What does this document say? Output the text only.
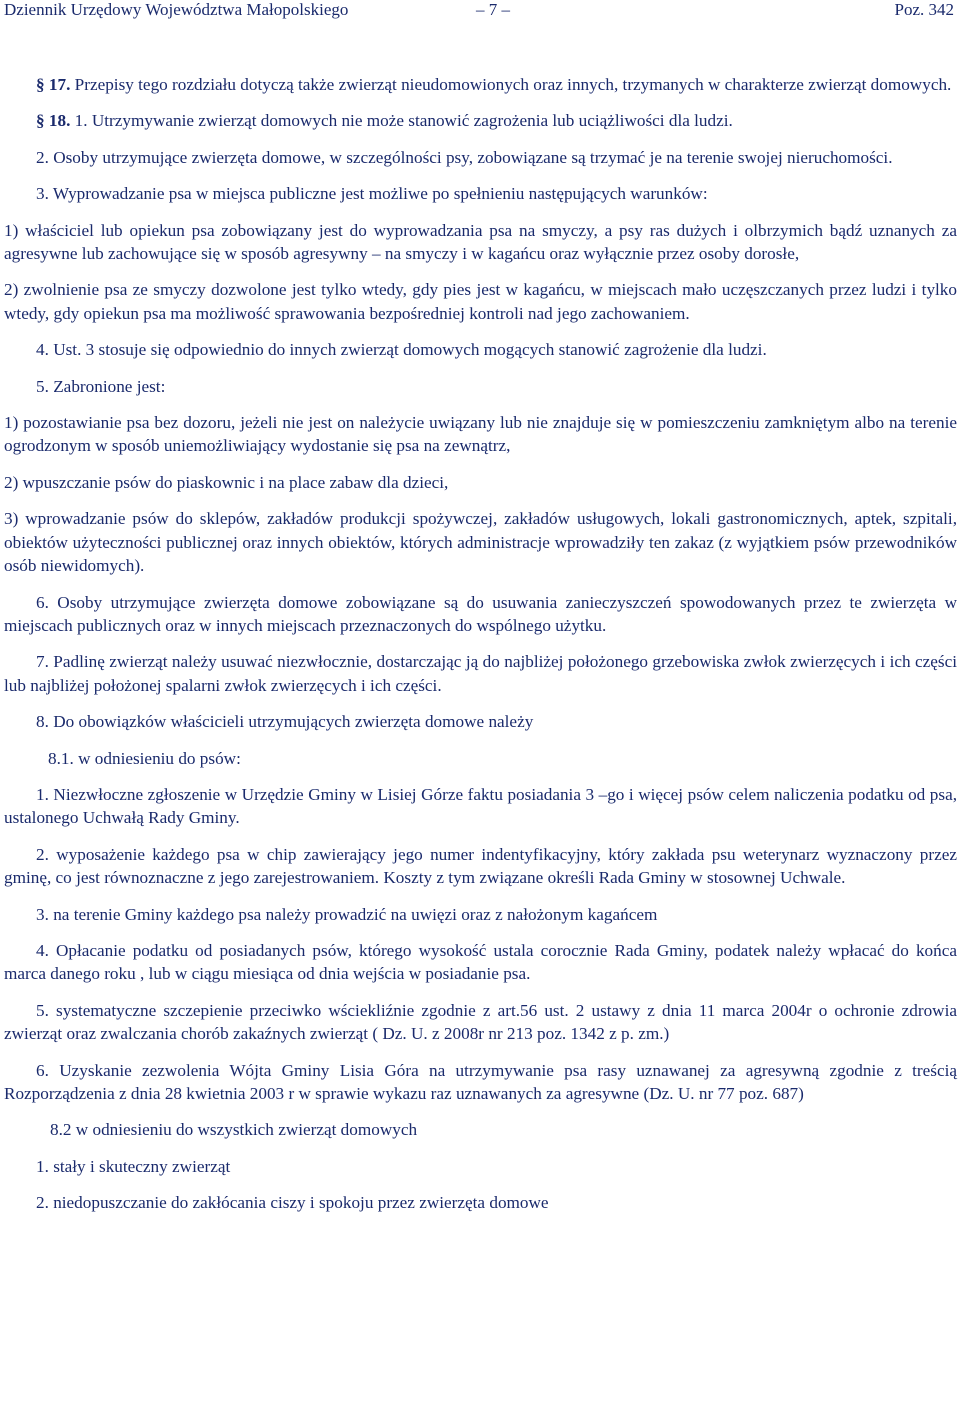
Dziennik Urzędowy Województwa Małopolskiego	– 7 –	Poz. 342

§ 17. Przepisy tego rozdziału dotyczą także zwierząt nieudomowionych oraz innych, trzymanych w charakterze zwierząt domowych.

§ 18. 1. Utrzymywanie zwierząt domowych nie może stanowić zagrożenia lub uciążliwości dla ludzi.

2. Osoby utrzymujące zwierzęta domowe, w szczególności psy, zobowiązane są trzymać je na terenie swojej nieruchomości.

3. Wyprowadzanie psa w miejsca publiczne jest możliwe po spełnieniu następujących warunków:

1) właściciel lub opiekun psa zobowiązany jest do wyprowadzania psa na smyczy, a psy ras dużych i olbrzymich bądź uznanych za agresywne lub zachowujące się w sposób agresywny – na smyczy i w kagańcu oraz wyłącznie przez osoby dorosłe,

2) zwolnienie psa ze smyczy dozwolone jest tylko wtedy, gdy pies jest w kagańcu, w miejscach mało uczęszczanych przez ludzi i tylko wtedy, gdy opiekun psa ma możliwość sprawowania bezpośredniej kontroli nad jego zachowaniem.

4. Ust. 3 stosuje się odpowiednio do innych zwierząt domowych mogących stanowić zagrożenie dla ludzi.

5. Zabronione jest:

1) pozostawianie psa bez dozoru, jeżeli nie jest on należycie uwiązany lub nie znajduje się w pomieszczeniu zamkniętym albo na terenie ogrodzonym w sposób uniemożliwiający wydostanie się psa na zewnątrz,

2) wpuszczanie psów do piaskownic i na place zabaw dla dzieci,

3) wprowadzanie psów do sklepów, zakładów produkcji spożywczej, zakładów usługowych, lokali gastronomicznych, aptek, szpitali, obiektów użyteczności publicznej oraz innych obiektów, których administracje wprowadziły ten zakaz (z wyjątkiem psów przewodników osób niewidomych).

6. Osoby utrzymujące zwierzęta domowe zobowiązane są do usuwania zanieczyszczeń spowodowanych przez te zwierzęta w miejscach publicznych oraz w innych miejscach przeznaczonych do wspólnego użytku.

7. Padlinę zwierząt należy usuwać niezwłocznie, dostarczając ją do najbliżej położonego grzebowiska zwłok zwierzęcych i ich części lub najbliżej położonej spalarni zwłok zwierzęcych i ich części.

8. Do obowiązków właścicieli utrzymujących zwierzęta domowe należy

8.1. w odniesieniu do psów:

1. Niezwłoczne zgłoszenie w Urzędzie Gminy w Lisiej Górze faktu posiadania 3 –go i więcej psów celem naliczenia podatku od psa, ustalonego Uchwałą Rady Gminy.

2. wyposażenie każdego psa w chip zawierający jego numer indentyfikacyjny, który zakłada psu weterynarz wyznaczony przez gminę, co jest równoznaczne z jego zarejestrowaniem. Koszty z tym związane określi Rada Gminy w stosownej Uchwale.

3. na terenie Gminy każdego psa należy prowadzić na uwięzi oraz z nałożonym kagańcem

4. Opłacanie podatku od posiadanych psów, którego wysokość ustala corocznie Rada Gminy, podatek należy wpłacać do końca marca danego roku , lub w ciągu miesiąca od dnia wejścia w posiadanie psa.

5. systematyczne szczepienie przeciwko wściekliźnie zgodnie z art.56 ust. 2 ustawy z dnia 11 marca 2004r o ochronie zdrowia zwierząt oraz zwalczania chorób zakaźnych zwierząt ( Dz. U. z 2008r nr 213 poz. 1342 z p. zm.)

6. Uzyskanie zezwolenia Wójta Gminy Lisia Góra na utrzymywanie psa rasy uznawanej za agresywną zgodnie z treścią Rozporządzenia z dnia 28 kwietnia 2003 r w sprawie wykazu raz uznawanych za agresywne (Dz. U. nr 77 poz. 687)

8.2 w odniesieniu do wszystkich zwierząt domowych

1. stały i skuteczny zwierząt

2. niedopuszczanie do zakłócania ciszy i spokoju przez zwierzęta domowe
